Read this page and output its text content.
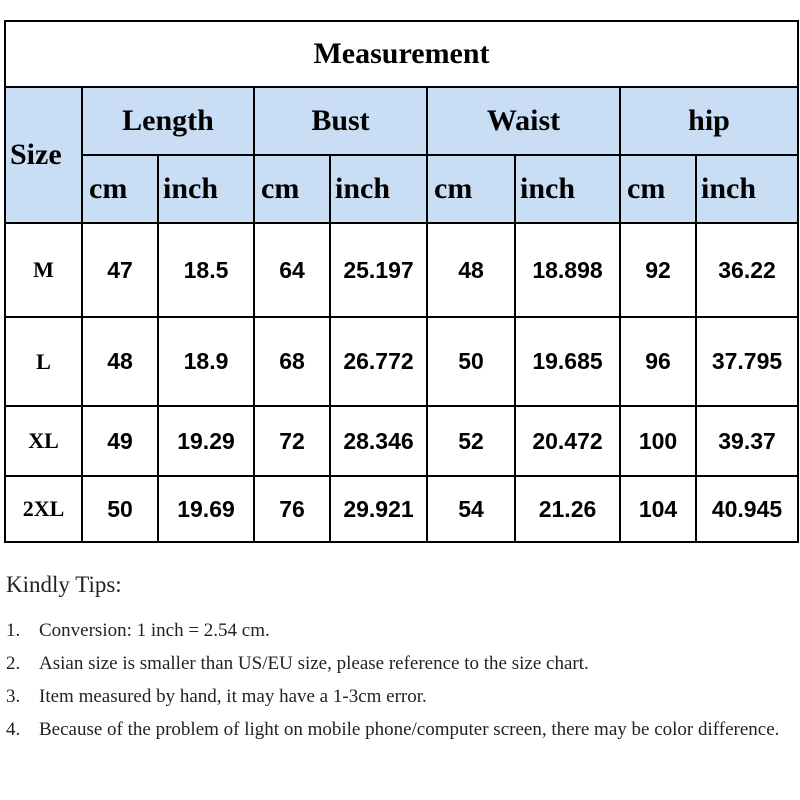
Measurement								
Size	Length		Bust		Waist		hip	
	cm	inch	cm	inch	cm	inch	cm	inch
M	47	18.5	64	25.197	48	18.898	92	36.22
L	48	18.9	68	26.772	50	19.685	96	37.795
XL	49	19.29	72	28.346	52	20.472	100	39.37
2XL	50	19.69	76	29.921	54	21.26	104	40.945
Kindly Tips:
1. Conversion: 1 inch = 2.54 cm.
2. Asian size is smaller than US/EU size, please reference to the size chart.
3. Item measured by hand, it may have a 1-3cm error.
4. Because of the problem of light on mobile phone/computer screen, there may be color difference.
